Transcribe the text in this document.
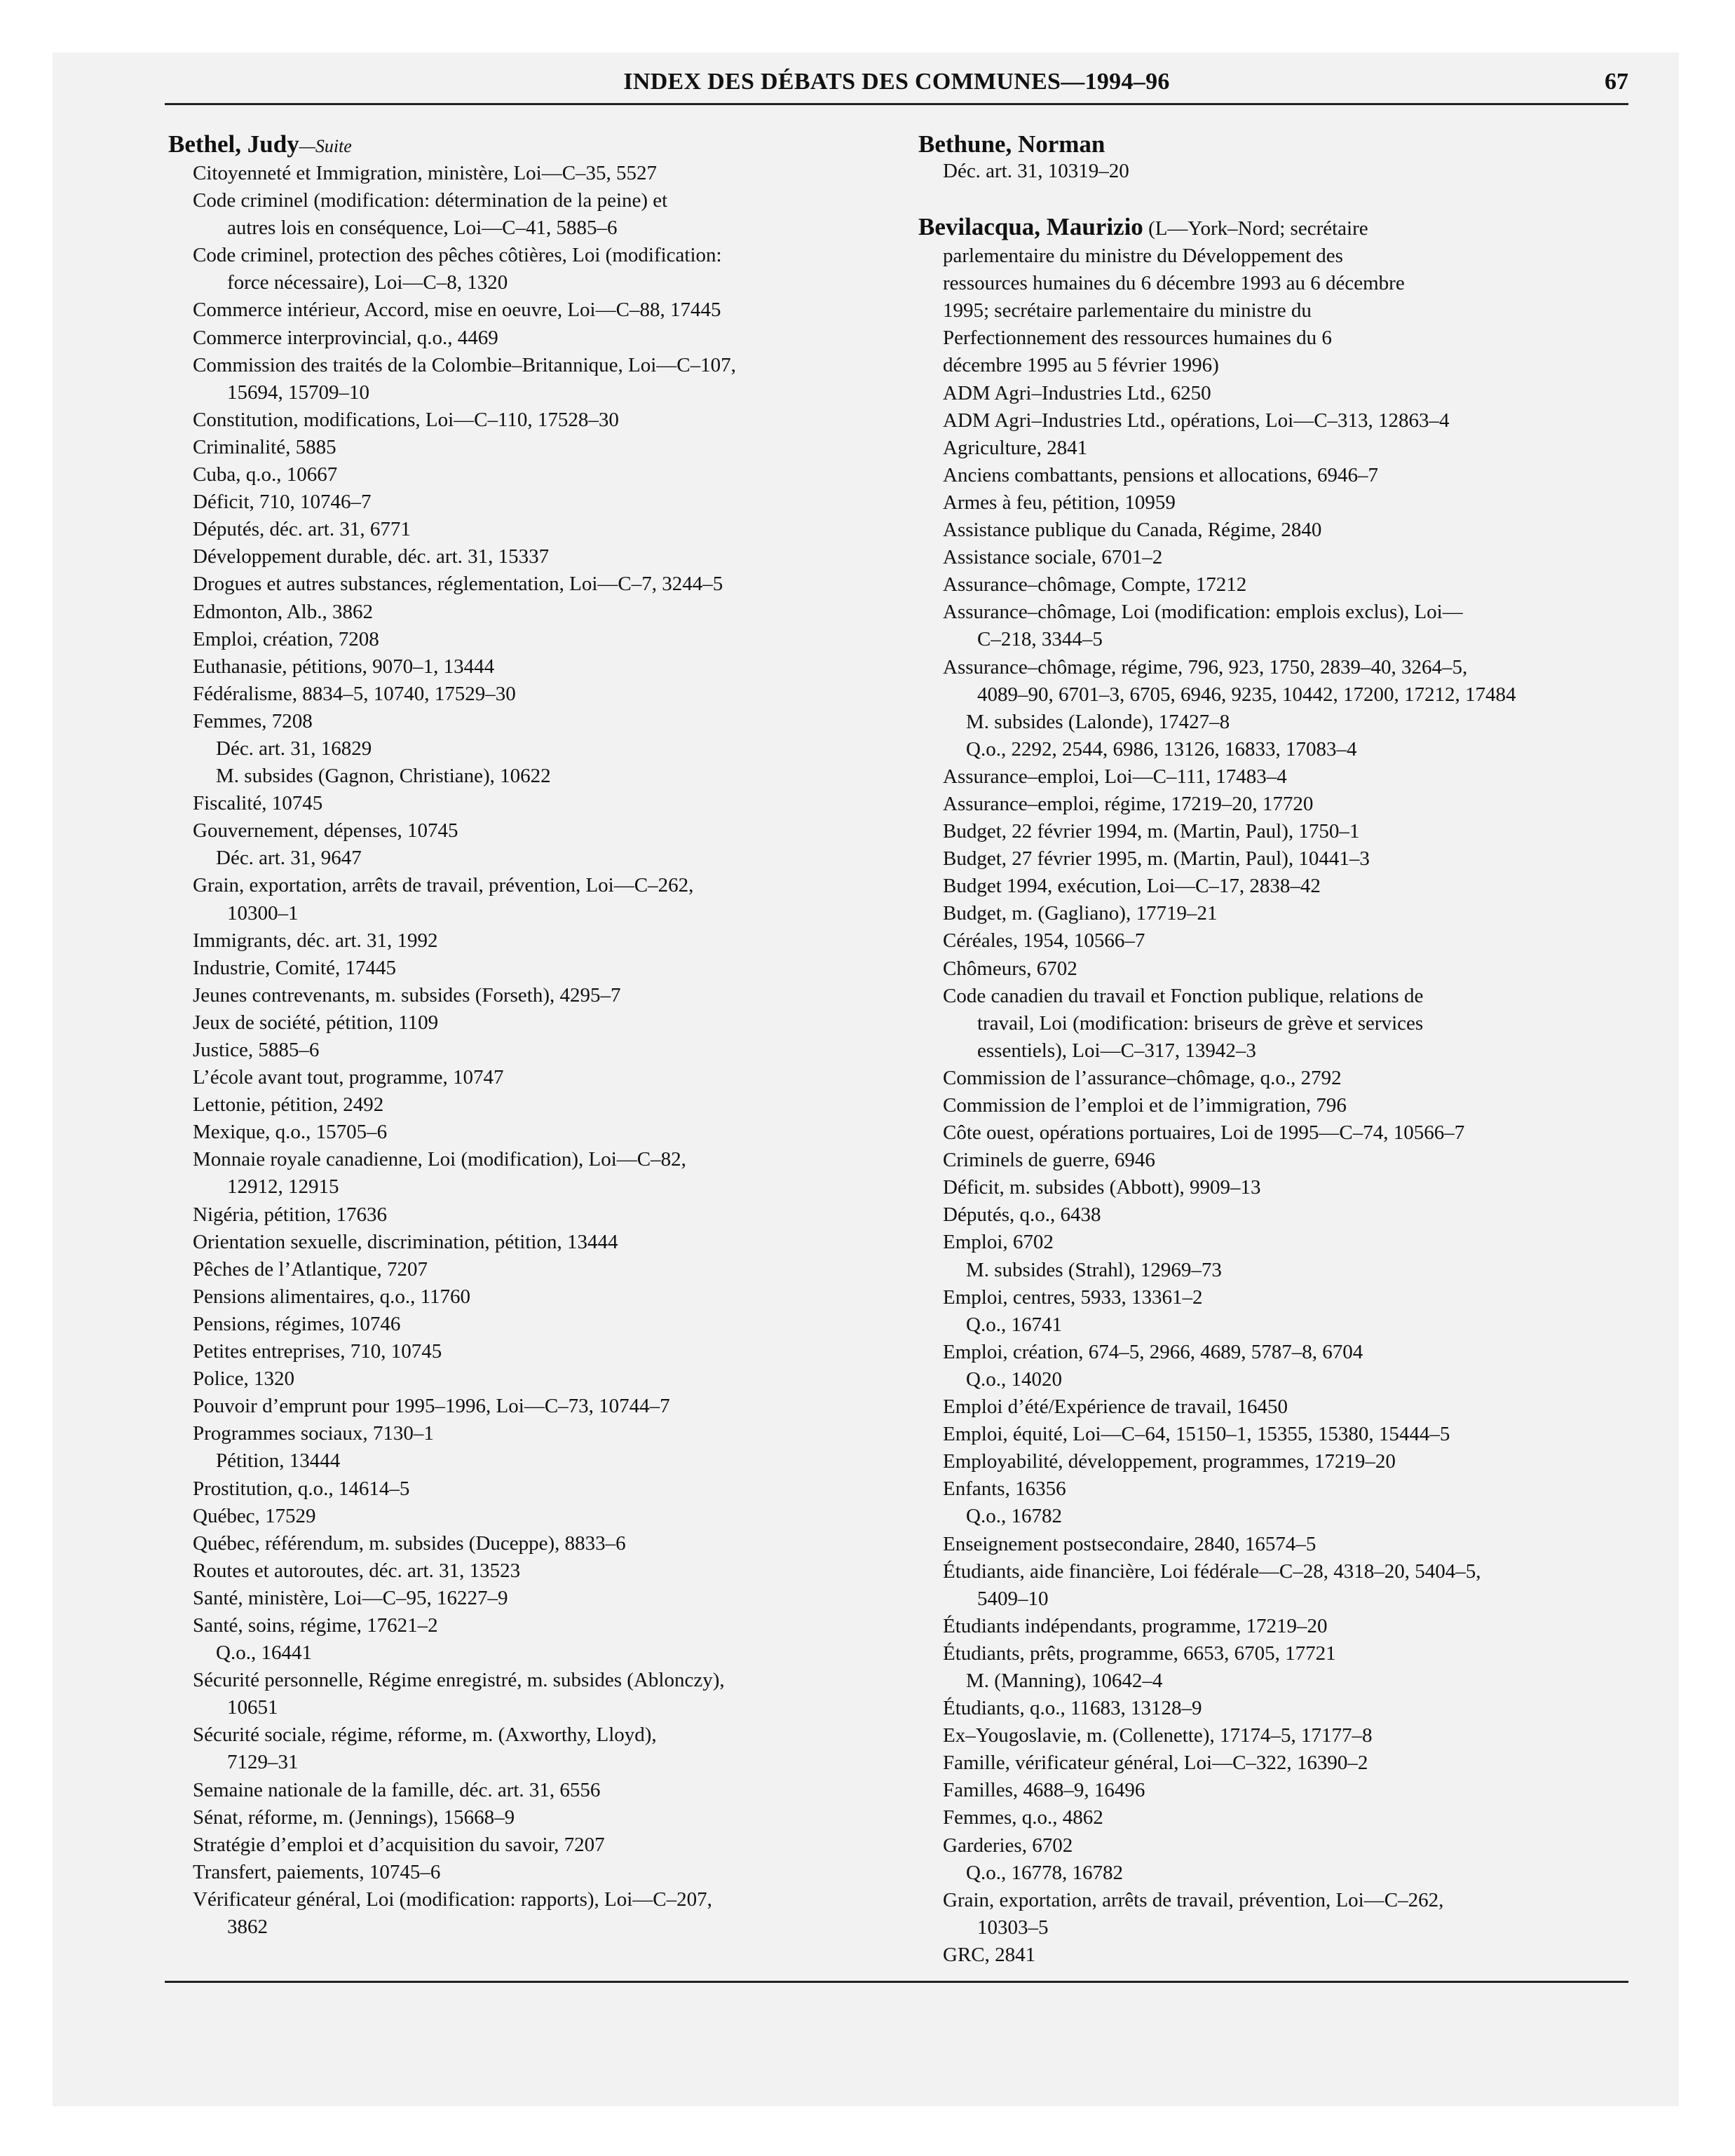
INDEX DES DÉBATS DES COMMUNES—1994–96	67
Bethel, Judy—Suite
Citoyenneté et Immigration, ministère, Loi—C–35, 5527
Code criminel (modification: détermination de la peine) et
autres lois en conséquence, Loi—C–41, 5885–6
Code criminel, protection des pêches côtières, Loi (modification:
force nécessaire), Loi—C–8, 1320
Commerce intérieur, Accord, mise en oeuvre, Loi—C–88, 17445
Commerce interprovincial, q.o., 4469
Commission des traités de la Colombie–Britannique, Loi—C–107,
15694, 15709–10
Constitution, modifications, Loi—C–110, 17528–30
Criminalité, 5885
Cuba, q.o., 10667
Déficit, 710, 10746–7
Députés, déc. art. 31, 6771
Développement durable, déc. art. 31, 15337
Drogues et autres substances, réglementation, Loi—C–7, 3244–5
Edmonton, Alb., 3862
Emploi, création, 7208
Euthanasie, pétitions, 9070–1, 13444
Fédéralisme, 8834–5, 10740, 17529–30
Femmes, 7208
Déc. art. 31, 16829
M. subsides (Gagnon, Christiane), 10622
Fiscalité, 10745
Gouvernement, dépenses, 10745
Déc. art. 31, 9647
Grain, exportation, arrêts de travail, prévention, Loi—C–262,
10300–1
Immigrants, déc. art. 31, 1992
Industrie, Comité, 17445
Jeunes contrevenants, m. subsides (Forseth), 4295–7
Jeux de société, pétition, 1109
Justice, 5885–6
L’école avant tout, programme, 10747
Lettonie, pétition, 2492
Mexique, q.o., 15705–6
Monnaie royale canadienne, Loi (modification), Loi—C–82,
12912, 12915
Nigéria, pétition, 17636
Orientation sexuelle, discrimination, pétition, 13444
Pêches de l’Atlantique, 7207
Pensions alimentaires, q.o., 11760
Pensions, régimes, 10746
Petites entreprises, 710, 10745
Police, 1320
Pouvoir d’emprunt pour 1995–1996, Loi—C–73, 10744–7
Programmes sociaux, 7130–1
Pétition, 13444
Prostitution, q.o., 14614–5
Québec, 17529
Québec, référendum, m. subsides (Duceppe), 8833–6
Routes et autoroutes, déc. art. 31, 13523
Santé, ministère, Loi—C–95, 16227–9
Santé, soins, régime, 17621–2
Q.o., 16441
Sécurité personnelle, Régime enregistré, m. subsides (Ablonczy),
10651
Sécurité sociale, régime, réforme, m. (Axworthy, Lloyd),
7129–31
Semaine nationale de la famille, déc. art. 31, 6556
Sénat, réforme, m. (Jennings), 15668–9
Stratégie d’emploi et d’acquisition du savoir, 7207
Transfert, paiements, 10745–6
Vérificateur général, Loi (modification: rapports), Loi—C–207,
3862
Bethune, Norman
Déc. art. 31, 10319–20
Bevilacqua, Maurizio (L—York–Nord; secrétaire
parlementaire du ministre du Développement des
ressources humaines du 6 décembre 1993 au 6 décembre
1995; secrétaire parlementaire du ministre du
Perfectionnement des ressources humaines du 6
décembre 1995 au 5 février 1996)
ADM Agri–Industries Ltd., 6250
ADM Agri–Industries Ltd., opérations, Loi—C–313, 12863–4
Agriculture, 2841
Anciens combattants, pensions et allocations, 6946–7
Armes à feu, pétition, 10959
Assistance publique du Canada, Régime, 2840
Assistance sociale, 6701–2
Assurance–chômage, Compte, 17212
Assurance–chômage, Loi (modification: emplois exclus), Loi—
C–218, 3344–5
Assurance–chômage, régime, 796, 923, 1750, 2839–40, 3264–5,
4089–90, 6701–3, 6705, 6946, 9235, 10442, 17200, 17212, 17484
M. subsides (Lalonde), 17427–8
Q.o., 2292, 2544, 6986, 13126, 16833, 17083–4
Assurance–emploi, Loi—C–111, 17483–4
Assurance–emploi, régime, 17219–20, 17720
Budget, 22 février 1994, m. (Martin, Paul), 1750–1
Budget, 27 février 1995, m. (Martin, Paul), 10441–3
Budget 1994, exécution, Loi—C–17, 2838–42
Budget, m. (Gagliano), 17719–21
Céréales, 1954, 10566–7
Chômeurs, 6702
Code canadien du travail et Fonction publique, relations de
travail, Loi (modification: briseurs de grève et services
essentiels), Loi—C–317, 13942–3
Commission de l’assurance–chômage, q.o., 2792
Commission de l’emploi et de l’immigration, 796
Côte ouest, opérations portuaires, Loi de 1995—C–74, 10566–7
Criminels de guerre, 6946
Déficit, m. subsides (Abbott), 9909–13
Députés, q.o., 6438
Emploi, 6702
M. subsides (Strahl), 12969–73
Emploi, centres, 5933, 13361–2
Q.o., 16741
Emploi, création, 674–5, 2966, 4689, 5787–8, 6704
Q.o., 14020
Emploi d’été/Expérience de travail, 16450
Emploi, équité, Loi—C–64, 15150–1, 15355, 15380, 15444–5
Employabilité, développement, programmes, 17219–20
Enfants, 16356
Q.o., 16782
Enseignement postsecondaire, 2840, 16574–5
Étudiants, aide financière, Loi fédérale—C–28, 4318–20, 5404–5,
5409–10
Étudiants indépendants, programme, 17219–20
Étudiants, prêts, programme, 6653, 6705, 17721
M. (Manning), 10642–4
Étudiants, q.o., 11683, 13128–9
Ex–Yougoslavie, m. (Collenette), 17174–5, 17177–8
Famille, vérificateur général, Loi—C–322, 16390–2
Familles, 4688–9, 16496
Femmes, q.o., 4862
Garderies, 6702
Q.o., 16778, 16782
Grain, exportation, arrêts de travail, prévention, Loi—C–262,
10303–5
GRC, 2841
